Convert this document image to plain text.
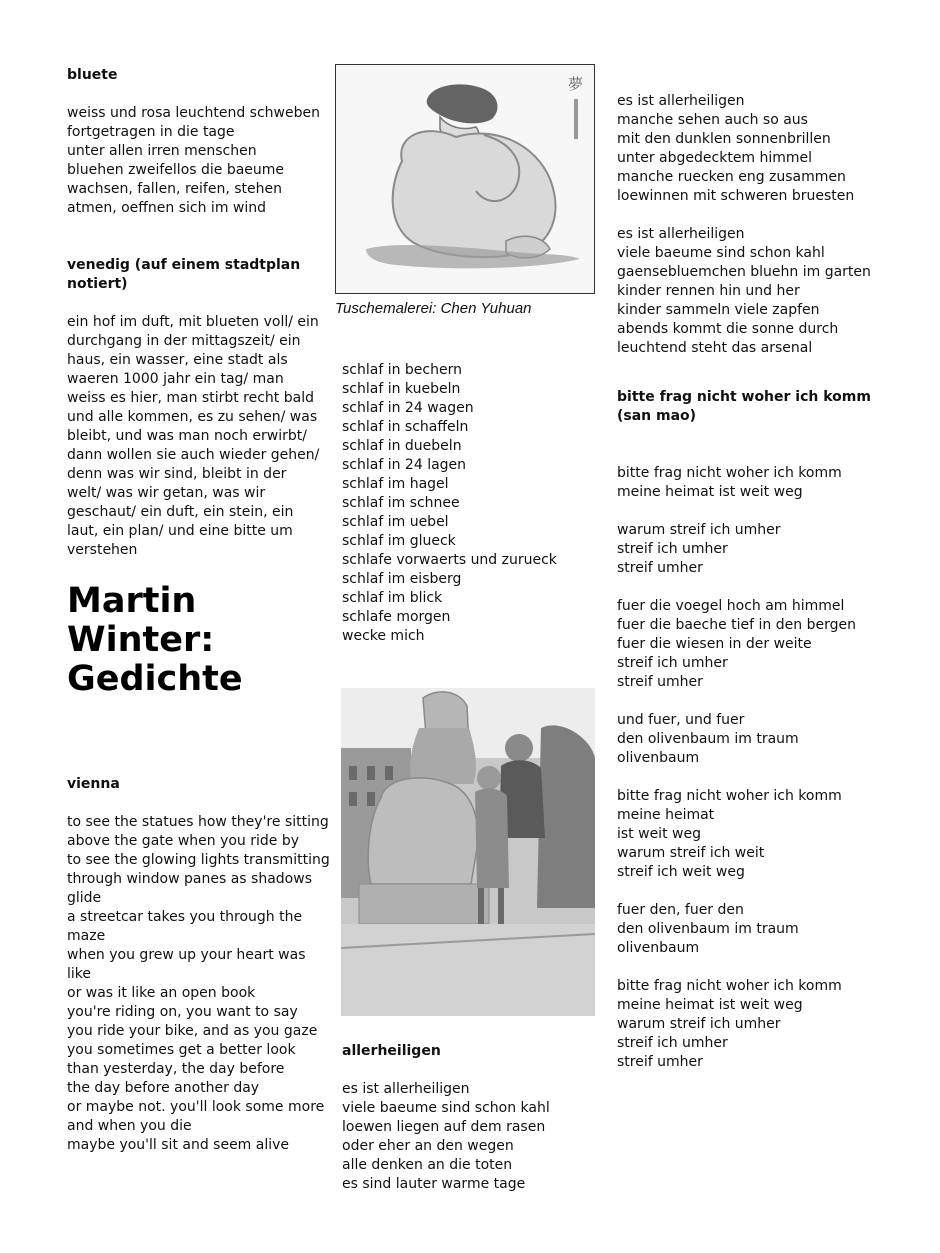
bluete

weiss und rosa leuchtend schweben
fortgetragen in die tage
unter allen irren menschen
bluehen zweifellos die baeume
wachsen, fallen, reifen, stehen
atmen, oeffnen sich im wind

venedig (auf einem stadtplan
notiert)

ein hof im duft, mit blueten voll/ ein
durchgang in der mittagszeit/ ein
haus, ein wasser, eine stadt als
waeren 1000 jahr ein tag/ man
weiss es hier, man stirbt recht bald
und alle kommen, es zu sehen/ was
bleibt, und was man noch erwirbt/
dann wollen sie auch wieder gehen/
denn was wir sind, bleibt in der
welt/ was wir getan, was wir
geschaut/ ein duft, ein stein, ein
laut, ein plan/ und eine bitte um
verstehen
Martin
Winter:
Gedichte

vienna

to see the statues how they're sitting
above the gate when you ride by
to see the glowing lights transmitting
through window panes as shadows
glide
a streetcar takes you through the
maze
when you grew up your heart was
like
or was it like an open book
you're riding on, you want to say
you ride your bike, and as you gaze
you sometimes get a better look
than yesterday, the day before
the day before another day
or maybe not. you'll look some more
and when you die
maybe you'll sit and seem alive
夢

Tuschemalerei: Chen Yuhuan

schlaf in bechern
schlaf in kuebeln
schlaf in 24 wagen
schlaf in schaffeln
schlaf in duebeln
schlaf in 24 lagen
schlaf im hagel
schlaf im schnee
schlaf im uebel
schlaf im glueck
schlafe vorwaerts und zurueck
schlaf im eisberg
schlaf im blick
schlafe morgen
wecke mich

allerheiligen

es ist allerheiligen
viele baeume sind schon kahl
loewen liegen auf dem rasen
oder eher an den wegen
alle denken an die toten
es sind lauter warme tage
es ist allerheiligen
manche sehen auch so aus
mit den dunklen sonnenbrillen
unter abgedecktem himmel
manche ruecken eng zusammen
loewinnen mit schweren bruesten
es ist allerheiligen
viele baeume sind schon kahl
gaensebluemchen bluehn im garten
kinder rennen hin und her
kinder sammeln viele zapfen
abends kommt die sonne durch
leuchtend steht das arsenal

bitte frag nicht woher ich komm
(san mao)

bitte frag nicht woher ich komm
meine heimat ist weit weg
warum streif ich umher
streif ich umher
streif umher
fuer die voegel hoch am himmel
fuer die baeche tief in den bergen
fuer die wiesen in der weite
streif ich umher
streif umher
und fuer, und fuer
den olivenbaum im traum
olivenbaum
bitte frag nicht woher ich komm
meine heimat
ist weit weg
warum streif ich weit
streif ich weit weg
fuer den, fuer den
den olivenbaum im traum
olivenbaum
bitte frag nicht woher ich komm
meine heimat ist weit weg
warum streif ich umher
streif ich umher
streif umher
